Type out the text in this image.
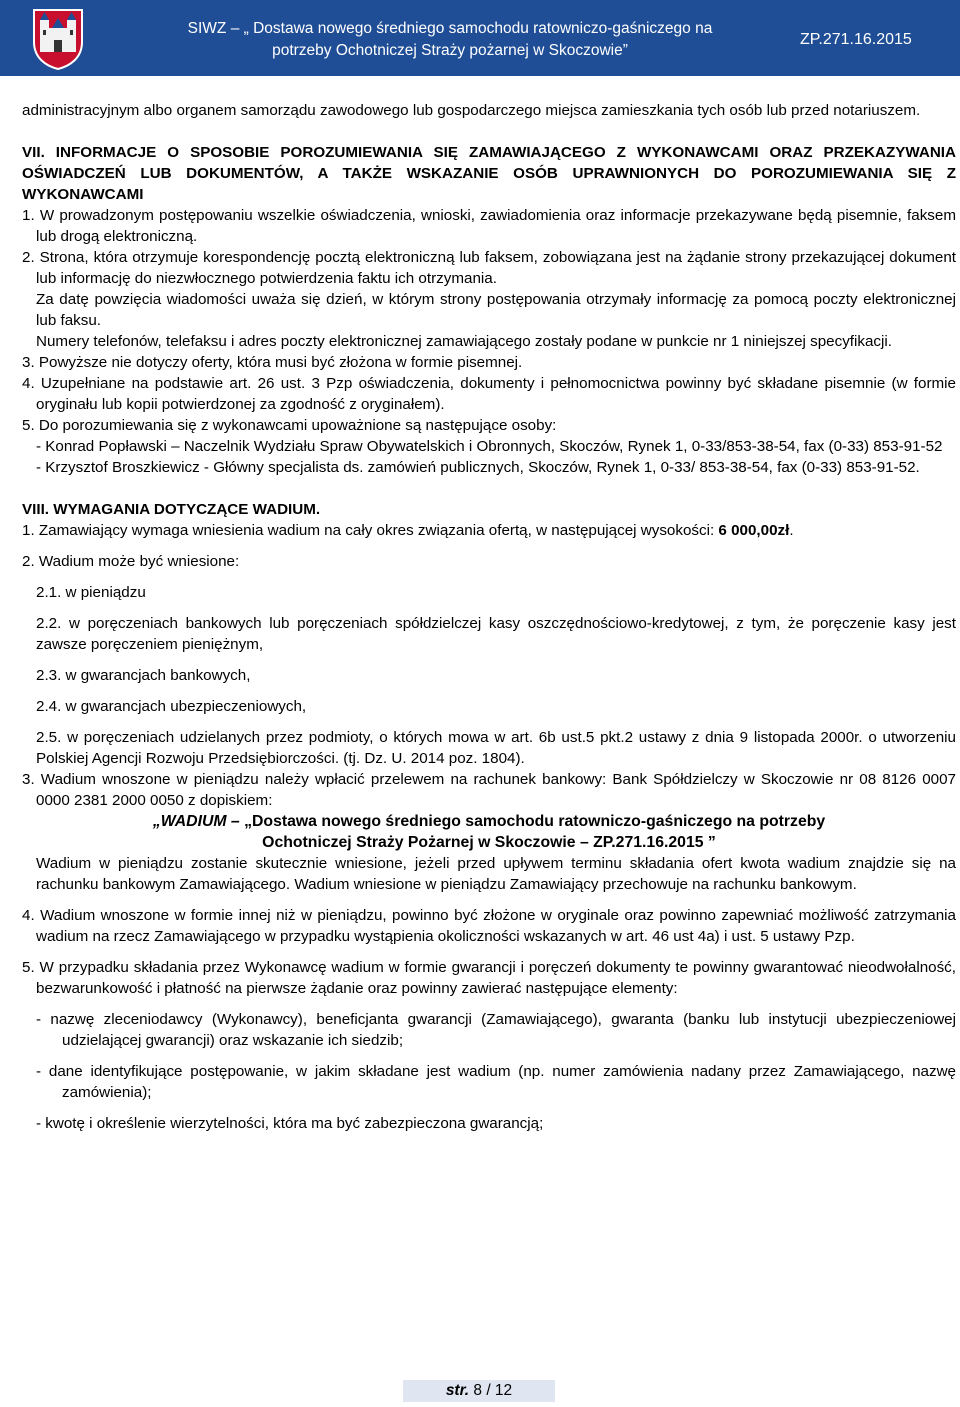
SIWZ – „ Dostawa nowego średniego samochodu ratowniczo-gaśniczego na
potrzeby Ochotniczej Straży pożarnej w Skoczowie”
ZP.271.16.2015

administracyjnym albo organem samorządu zawodowego lub gospodarczego miejsca zamieszkania tych osób lub przed notariuszem.

VII. INFORMACJE O SPOSOBIE POROZUMIEWANIA SIĘ ZAMAWIAJĄCEGO Z WYKONAWCAMI ORAZ PRZEKAZYWANIA OŚWIADCZEŃ LUB DOKUMENTÓW, A TAKŻE WSKAZANIE OSÓB UPRAWNIONYCH DO POROZUMIEWANIA SIĘ Z WYKONAWCAMI

1. W prowadzonym postępowaniu wszelkie oświadczenia, wnioski, zawiadomienia oraz informacje przekazywane będą pisemnie, faksem lub drogą elektroniczną.

2. Strona, która otrzymuje korespondencję pocztą elektroniczną lub faksem, zobowiązana jest na żądanie strony przekazującej dokument lub informację do niezwłocznego potwierdzenia faktu ich otrzymania.

Za datę powzięcia wiadomości uważa się dzień, w którym strony postępowania otrzymały informację za pomocą poczty elektronicznej lub faksu.

Numery telefonów, telefaksu i adres poczty elektronicznej zamawiającego zostały podane w punkcie nr 1 niniejszej specyfikacji.

3. Powyższe nie dotyczy oferty, która musi być złożona w formie pisemnej.

4. Uzupełniane na podstawie art. 26 ust. 3 Pzp oświadczenia, dokumenty i pełnomocnictwa powinny być składane pisemnie (w formie oryginału lub kopii potwierdzonej za zgodność z oryginałem).

5. Do porozumiewania się z wykonawcami upoważnione są następujące osoby:

- Konrad Popławski – Naczelnik Wydziału Spraw Obywatelskich i Obronnych, Skoczów, Rynek 1, 0-33/853-38-54, fax (0-33) 853-91-52

- Krzysztof Broszkiewicz - Główny specjalista ds. zamówień publicznych, Skoczów, Rynek 1, 0-33/ 853-38-54, fax (0-33) 853-91-52.

VIII. WYMAGANIA DOTYCZĄCE WADIUM.

1. Zamawiający wymaga wniesienia wadium na cały okres związania ofertą, w następującej wysokości: 6 000,00zł.

2. Wadium może być wniesione:

2.1. w pieniądzu

2.2. w poręczeniach bankowych lub poręczeniach spółdzielczej kasy oszczędnościowo-kredytowej, z tym, że poręczenie kasy jest zawsze poręczeniem pieniężnym,

2.3. w gwarancjach bankowych,

2.4. w gwarancjach ubezpieczeniowych,

2.5. w poręczeniach udzielanych przez podmioty, o których mowa w art. 6b ust.5 pkt.2 ustawy z dnia 9 listopada 2000r. o utworzeniu Polskiej Agencji Rozwoju Przedsiębiorczości. (tj. Dz. U. 2014 poz. 1804).

3. Wadium wnoszone w pieniądzu należy wpłacić przelewem na rachunek bankowy: Bank Spółdzielczy w Skoczowie nr 08 8126 0007 0000 2381 2000 0050 z dopiskiem:

„WADIUM – „Dostawa nowego średniego samochodu ratowniczo-gaśniczego na potrzeby

Ochotniczej Straży Pożarnej w Skoczowie – ZP.271.16.2015 ”

Wadium w pieniądzu zostanie skutecznie wniesione, jeżeli przed upływem terminu składania ofert kwota wadium znajdzie się na rachunku bankowym Zamawiającego. Wadium wniesione w pieniądzu Zamawiający przechowuje na rachunku bankowym.

4. Wadium wnoszone w formie innej niż w pieniądzu, powinno być złożone w oryginale oraz powinno zapewniać możliwość zatrzymania wadium na rzecz Zamawiającego w przypadku wystąpienia okoliczności wskazanych w art. 46 ust 4a) i ust. 5 ustawy Pzp.

5. W przypadku składania przez Wykonawcę wadium w formie gwarancji i poręczeń dokumenty te powinny gwarantować nieodwołalność, bezwarunkowość i płatność na pierwsze żądanie oraz powinny zawierać następujące elementy:

- nazwę zleceniodawcy (Wykonawcy), beneficjanta gwarancji (Zamawiającego), gwaranta (banku lub instytucji ubezpieczeniowej udzielającej gwarancji) oraz wskazanie ich siedzib;

- dane identyfikujące postępowanie, w jakim składane jest wadium (np. numer zamówienia nadany przez Zamawiającego, nazwę zamówienia);

- kwotę i określenie wierzytelności, która ma być zabezpieczona gwarancją;

str. 8 / 12
